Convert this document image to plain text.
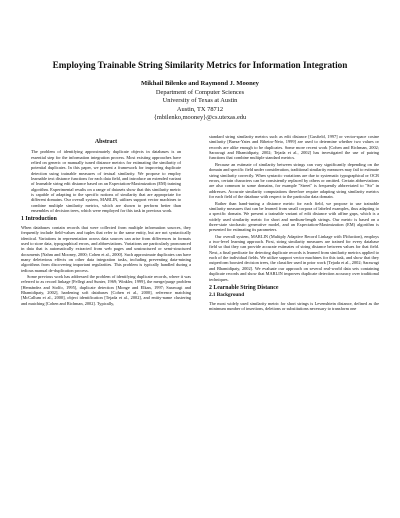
Employing Trainable String Similarity Metrics for Information Integration
Mikhail Bilenko and Raymond J. Mooney
Department of Computer Sciences
University of Texas at Austin
Austin, TX 78712
{mbilenko,mooney}@cs.utexas.edu
Abstract

The problem of identifying approximately duplicate objects in databases is an essential step for the information integration process. Most existing approaches have relied on generic or manually tuned distance metrics for estimating the similarity of potential duplicates. In this paper, we present a framework for improving duplicate detection using trainable measures of textual similarity. We propose to employ learnable text distance functions for each data field, and introduce an extended variant of learnable string edit distance based on an Expectation-Maximization (EM) training algorithm. Experimental results on a range of datasets show that this similarity metric is capable of adapting to the specific notions of similarity that are appropriate for different domains. Our overall system, MARLIN, utilizes support vector machines to combine multiple similarity metrics, which are shown to perform better than ensembles of decision trees, which were employed for this task in previous work.

1 Introduction

When databases contain records that were collected from multiple information sources, they frequently include field-values and tuples that refer to the same entity, but are not syntactically identical. Variations in representation across data sources can arise from differences in formats used to store data, typographical errors, and abbreviations. Variations are particularly pronounced in data that is automatically extracted from web pages and unstructured or semi-structured documents [Nahm and Mooney, 2000; Cohen et al., 2000]. Such approximate duplicates can have many deleterious effects on other data integration tasks, including preventing data-mining algorithms from discovering important regularities. This problem is typically handled during a tedious manual de-duplication process.

Some previous work has addressed the problem of identifying duplicate records, where it was referred to as record linkage [Fellegi and Sunter, 1969; Winkler, 1999], the merge/purge problem [Hernández and Stolfo, 1995], duplicate detection [Monge and Elkan, 1997; Sarawagi and Bhamidipaty, 2002], hardening soft databases [Cohen et al., 2000], reference matching [McCallum et al., 2000], object identification [Tejada et al., 2002], and entity-name clustering and matching [Cohen and Richman, 2002]. Typically,

standard string similarity metrics such as edit distance [Gusfield, 1997] or vector-space cosine similarity [Baeza-Yates and Ribeiro-Neto, 1999] are used to determine whether two values or records are alike enough to be duplicates. Some more recent work [Cohen and Richman, 2002; Sarawagi and Bhamidipaty, 2002; Tejada et al., 2002] has investigated the use of pairing functions that combine multiple standard metrics.

Because an estimate of similarity between strings can vary significantly depending on the domain and specific field under consideration, traditional similarity measures may fail to estimate string similarity correctly. When syntactic variations are due to systematic typographical or OCR errors, certain characters can be consistently replaced by others or omitted. Certain abbreviations are also common to some domains, for example "Street" is frequently abbreviated to "Str" in addresses. Accurate similarity computations therefore require adapting string similarity metrics for each field of the database with respect to the particular data domain.

Rather than hand-tuning a distance metric for each field, we propose to use trainable similarity measures that can be learned from small corpora of labeled examples, thus adapting to a specific domain. We present a trainable variant of edit distance with affine gaps, which is a widely used similarity metric for short and medium-length strings. Our metric is based on a three-state stochastic generative model, and an Expectation-Maximization (EM) algorithm is presented for estimating its parameters.

Our overall system, MARLIN (Multiply Adaptive Record Linkage with INduction), employs a two-level learning approach. First, string similarity measures are trained for every database field so that they can provide accurate estimates of string distance between values for that field. Next, a final predicate for detecting duplicate records is learned from similarity metrics applied to each of the individual fields. We utilize support vector machines for this task, and show that they outperform boosted decision trees, the classifier used in prior work [Tejada et al., 2002; Sarawagi and Bhamidipaty, 2002]. We evaluate our approach on several real-world data sets containing duplicate records and show that MARLIN improves duplicate detection accuracy over traditional techniques.

2 Learnable String Distance
2.1 Background

The most widely used similarity metric for short strings is Levenshtein distance, defined as the minimum number of insertions, deletions or substitutions necessary to transform one
